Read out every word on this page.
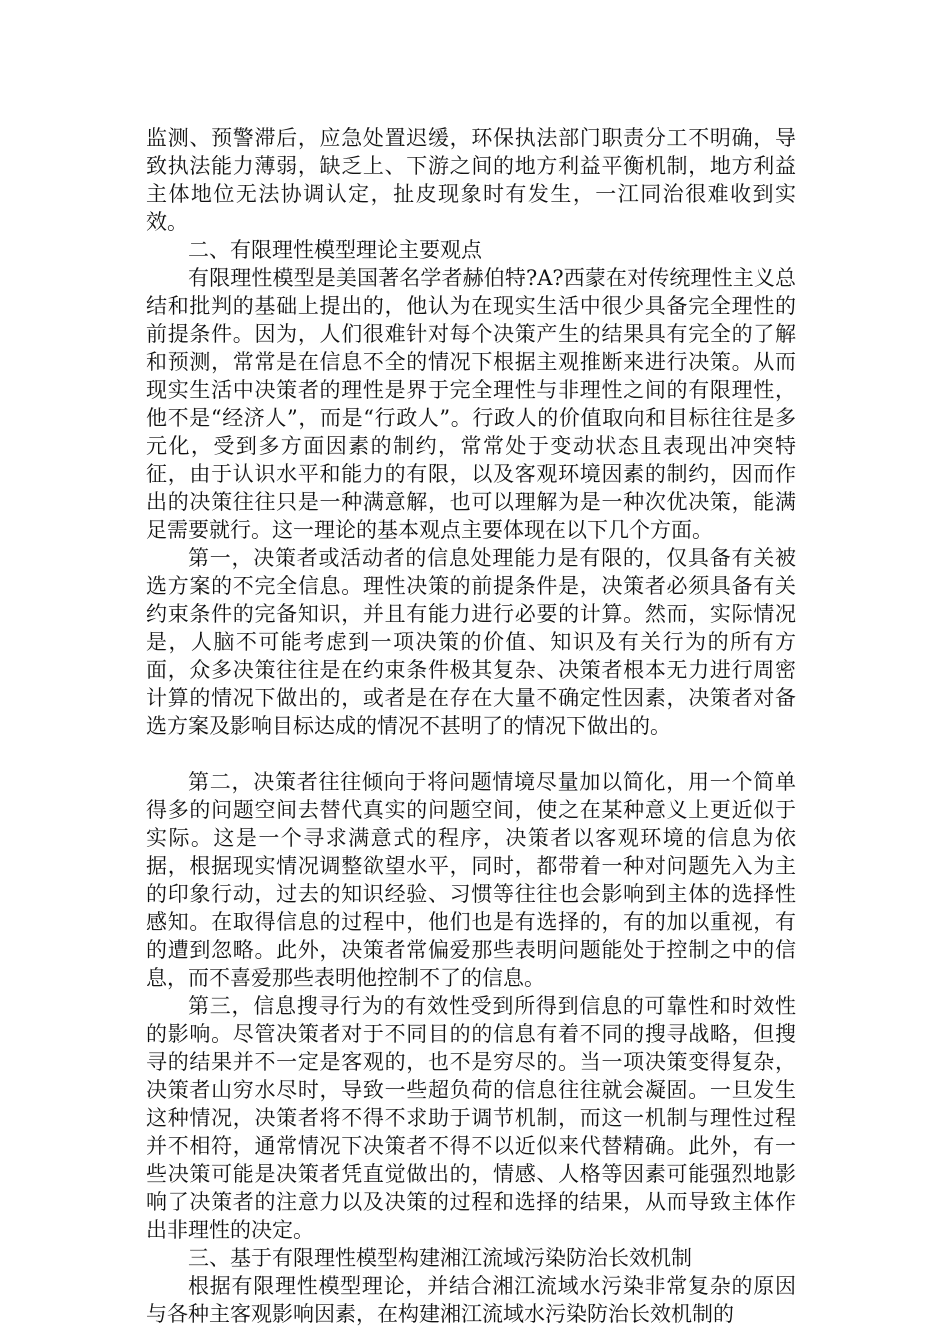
监测、预警滞后，应急处置迟缓，环保执法部门职责分工不明确，导致执法能力薄弱，缺乏上、下游之间的地方利益平衡机制，地方利益主体地位无法协调认定，扯皮现象时有发生，一江同治很难收到实效。

二、有限理性模型理论主要观点

有限理性模型是美国著名学者赫伯特?A?西蒙在对传统理性主义总结和批判的基础上提出的，他认为在现实生活中很少具备完全理性的前提条件。因为，人们很难针对每个决策产生的结果具有完全的了解和预测，常常是在信息不全的情况下根据主观推断来进行决策。从而现实生活中决策者的理性是界于完全理性与非理性之间的有限理性，他不是“经济人”，而是“行政人”。行政人的价值取向和目标往往是多元化，受到多方面因素的制约，常常处于变动状态且表现出冲突特征，由于认识水平和能力的有限，以及客观环境因素的制约，因而作出的决策往往只是一种满意解，也可以理解为是一种次优决策，能满足需要就行。这一理论的基本观点主要体现在以下几个方面。

第一，决策者或活动者的信息处理能力是有限的，仅具备有关被选方案的不完全信息。理性决策的前提条件是，决策者必须具备有关约束条件的完备知识，并且有能力进行必要的计算。然而，实际情况是，人脑不可能考虑到一项决策的价值、知识及有关行为的所有方面，众多决策往往是在约束条件极其复杂、决策者根本无力进行周密计算的情况下做出的，或者是在存在大量不确定性因素，决策者对备选方案及影响目标达成的情况不甚明了的情况下做出的。

第二，决策者往往倾向于将问题情境尽量加以简化，用一个简单得多的问题空间去替代真实的问题空间，使之在某种意义上更近似于实际。这是一个寻求满意式的程序，决策者以客观环境的信息为依据，根据现实情况调整欲望水平，同时，都带着一种对问题先入为主的印象行动，过去的知识经验、习惯等往往也会影响到主体的选择性感知。在取得信息的过程中，他们也是有选择的，有的加以重视，有的遭到忽略。此外，决策者常偏爱那些表明问题能处于控制之中的信息，而不喜爱那些表明他控制不了的信息。

第三，信息搜寻行为的有效性受到所得到信息的可靠性和时效性的影响。尽管决策者对于不同目的的信息有着不同的搜寻战略，但搜寻的结果并不一定是客观的，也不是穷尽的。当一项决策变得复杂，决策者山穷水尽时，导致一些超负荷的信息往往就会凝固。一旦发生这种情况，决策者将不得不求助于调节机制，而这一机制与理性过程并不相符，通常情况下决策者不得不以近似来代替精确。此外，有一些决策可能是决策者凭直觉做出的，情感、人格等因素可能强烈地影响了决策者的注意力以及决策的过程和选择的结果，从而导致主体作出非理性的决定。

三、基于有限理性模型构建湘江流域污染防治长效机制

根据有限理性模型理论，并结合湘江流域水污染非常复杂的原因与各种主客观影响因素，在构建湘江流域水污染防治长效机制的
